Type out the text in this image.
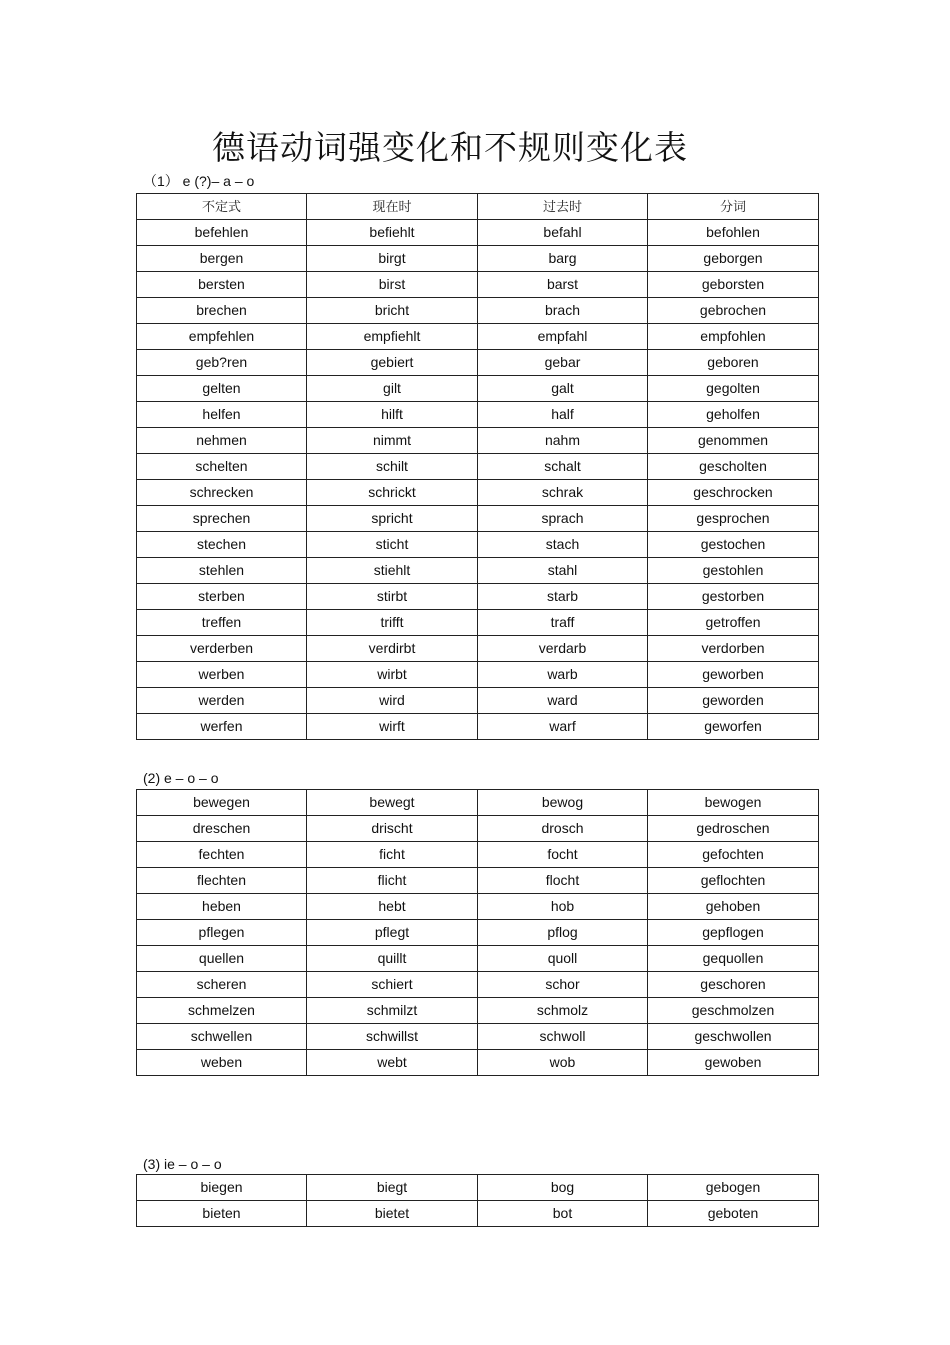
德语动词强变化和不规则变化表
（1） e (?)– a – o
不定式	现在时	过去时	分词
befehlen	befiehlt	befahl	befohlen
bergen	birgt	barg	geborgen
bersten	birst	barst	geborsten
brechen	bricht	brach	gebrochen
empfehlen	empfiehlt	empfahl	empfohlen
geb?ren	gebiert	gebar	geboren
gelten	gilt	galt	gegolten
helfen	hilft	half	geholfen
nehmen	nimmt	nahm	genommen
schelten	schilt	schalt	gescholten
schrecken	schrickt	schrak	geschrocken
sprechen	spricht	sprach	gesprochen
stechen	sticht	stach	gestochen
stehlen	stiehlt	stahl	gestohlen
sterben	stirbt	starb	gestorben
treffen	trifft	traff	getroffen
verderben	verdirbt	verdarb	verdorben
werben	wirbt	warb	geworben
werden	wird	ward	geworden
werfen	wirft	warf	geworfen
(2) e – o – o
bewegen	bewegt	bewog	bewogen
dreschen	drischt	drosch	gedroschen
fechten	ficht	focht	gefochten
flechten	flicht	flocht	geflochten
heben	hebt	hob	gehoben
pflegen	pflegt	pflog	gepflogen
quellen	quillt	quoll	gequollen
scheren	schiert	schor	geschoren
schmelzen	schmilzt	schmolz	geschmolzen
schwellen	schwillst	schwoll	geschwollen
weben	webt	wob	gewoben
(3) ie – o – o
biegen	biegt	bog	gebogen
bieten	bietet	bot	geboten
